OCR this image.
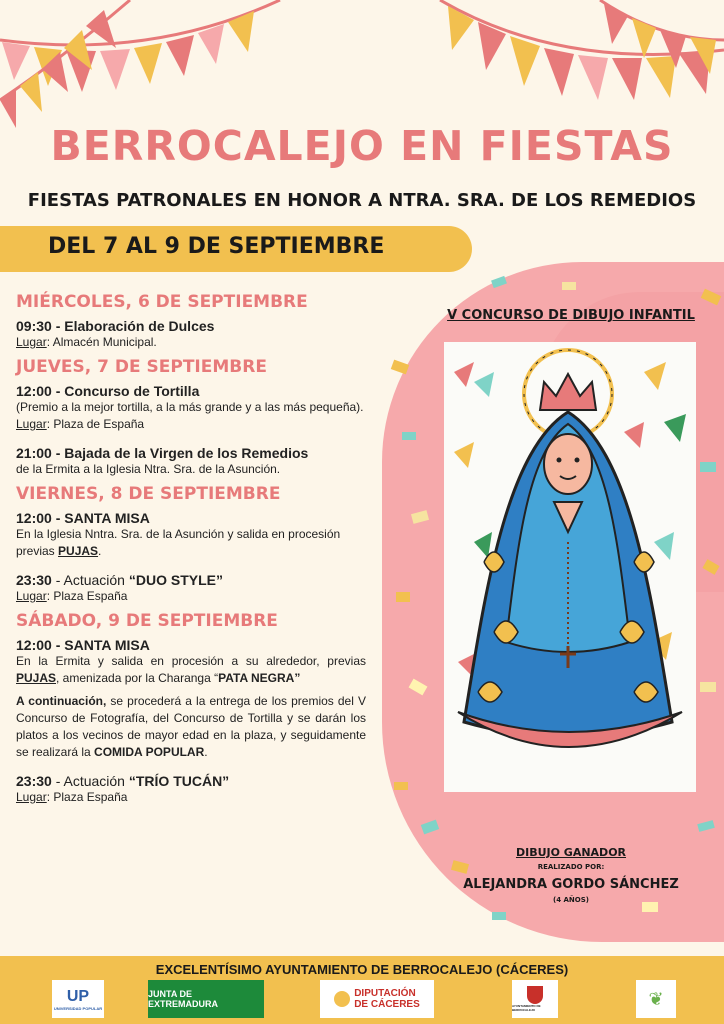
BERROCALEJO EN FIESTAS
FIESTAS PATRONALES EN HONOR A NTRA. SRA. DE LOS REMEDIOS
DEL 7 AL 9 DE SEPTIEMBRE
V CONCURSO DE DIBUJO INFANTIL
DIBUJO GANADOR
REALIZADO POR:
ALEJANDRA GORDO SÁNCHEZ
(4 AÑOS)
MIÉRCOLES, 6 DE SEPTIEMBRE
09:30 - Elaboración de Dulces
Lugar: Almacén Municipal.
JUEVES, 7 DE SEPTIEMBRE
12:00 - Concurso de Tortilla
(Premio a la mejor tortilla, a la más grande y a las más pequeña).
Lugar: Plaza de España
21:00 - Bajada de la Virgen de los Remedios
de la Ermita a la Iglesia Ntra. Sra. de la Asunción.
VIERNES, 8 DE SEPTIEMBRE
12:00 - SANTA MISA
En la Iglesia Nntra. Sra. de la Asunción y salida en procesión previas PUJAS.
23:30 - Actuación “DUO STYLE”
Lugar: Plaza España
SÁBADO, 9 DE SEPTIEMBRE
12:00 - SANTA MISA
En la Ermita y salida en procesión a su alrededor, previas PUJAS, amenizada por la Charanga “PATA NEGRA”
A continuación, se procederá a la entrega de los premios del V Concurso de Fotografía, del Concurso de Tortilla y se darán los platos a los vecinos de mayor edad en la plaza, y seguidamente se realizará la COMIDA POPULAR.
23:30 - Actuación “TRÍO TUCÁN”
Lugar: Plaza España
EXCELENTÍSIMO AYUNTAMIENTO DE BERROCALEJO (CÁCERES)
UP
UNIVERSIDAD POPULAR
JUNTA DE EXTREMADURA
DIPUTACIÓN
DE CÁCERES	AYUNTAMIENTO DE BERROCALEJO
❦
